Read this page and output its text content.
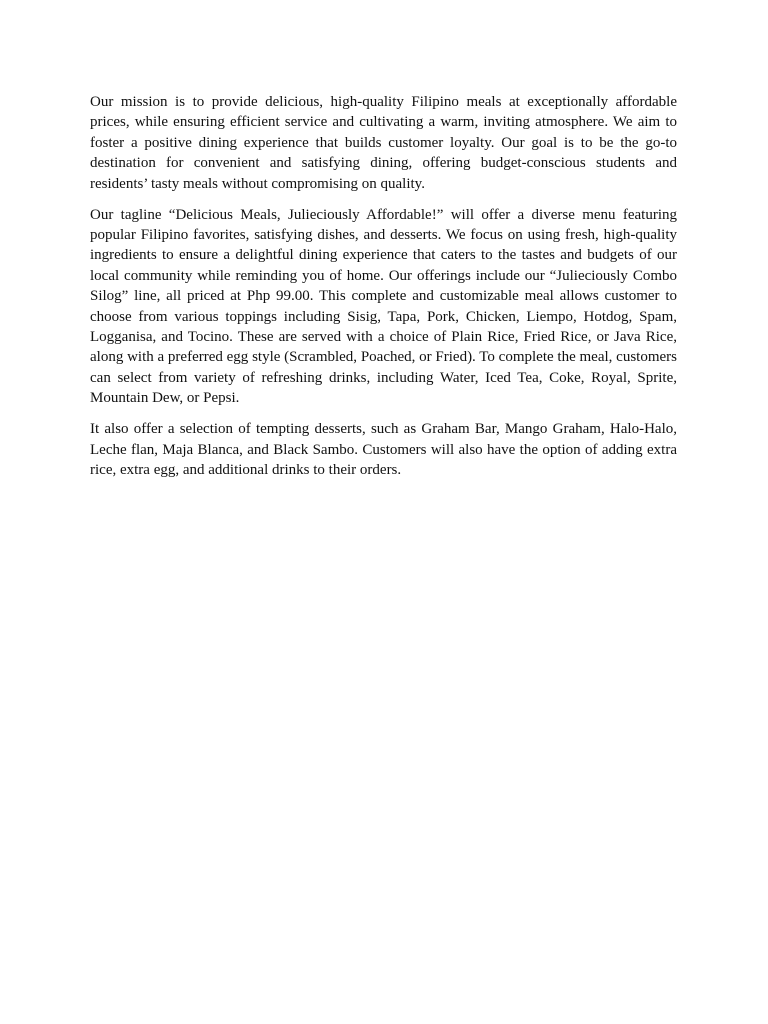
Our mission is to provide delicious, high-quality Filipino meals at exceptionally affordable prices, while ensuring efficient service and cultivating a warm, inviting atmosphere. We aim to foster a positive dining experience that builds customer loyalty. Our goal is to be the go-to destination for convenient and satisfying dining, offering budget-conscious students and residents’ tasty meals without compromising on quality.

Our tagline “Delicious Meals, Julieciously Affordable!” will offer a diverse menu featuring popular Filipino favorites, satisfying dishes, and desserts. We focus on using fresh, high-quality ingredients to ensure a delightful dining experience that caters to the tastes and budgets of our local community while reminding you of home. Our offerings include our “Julieciously Combo Silog” line, all priced at Php 99.00. This complete and customizable meal allows customer to choose from various toppings including Sisig, Tapa, Pork, Chicken, Liempo, Hotdog, Spam, Logganisa, and Tocino. These are served with a choice of Plain Rice, Fried Rice, or Java Rice, along with a preferred egg style (Scrambled, Poached, or Fried). To complete the meal, customers can select from variety of refreshing drinks, including Water, Iced Tea, Coke, Royal, Sprite, Mountain Dew, or Pepsi.

It also offer a selection of tempting desserts, such as Graham Bar, Mango Graham, Halo-Halo, Leche flan, Maja Blanca, and Black Sambo. Customers will also have the option of adding extra rice, extra egg, and additional drinks to their orders.
